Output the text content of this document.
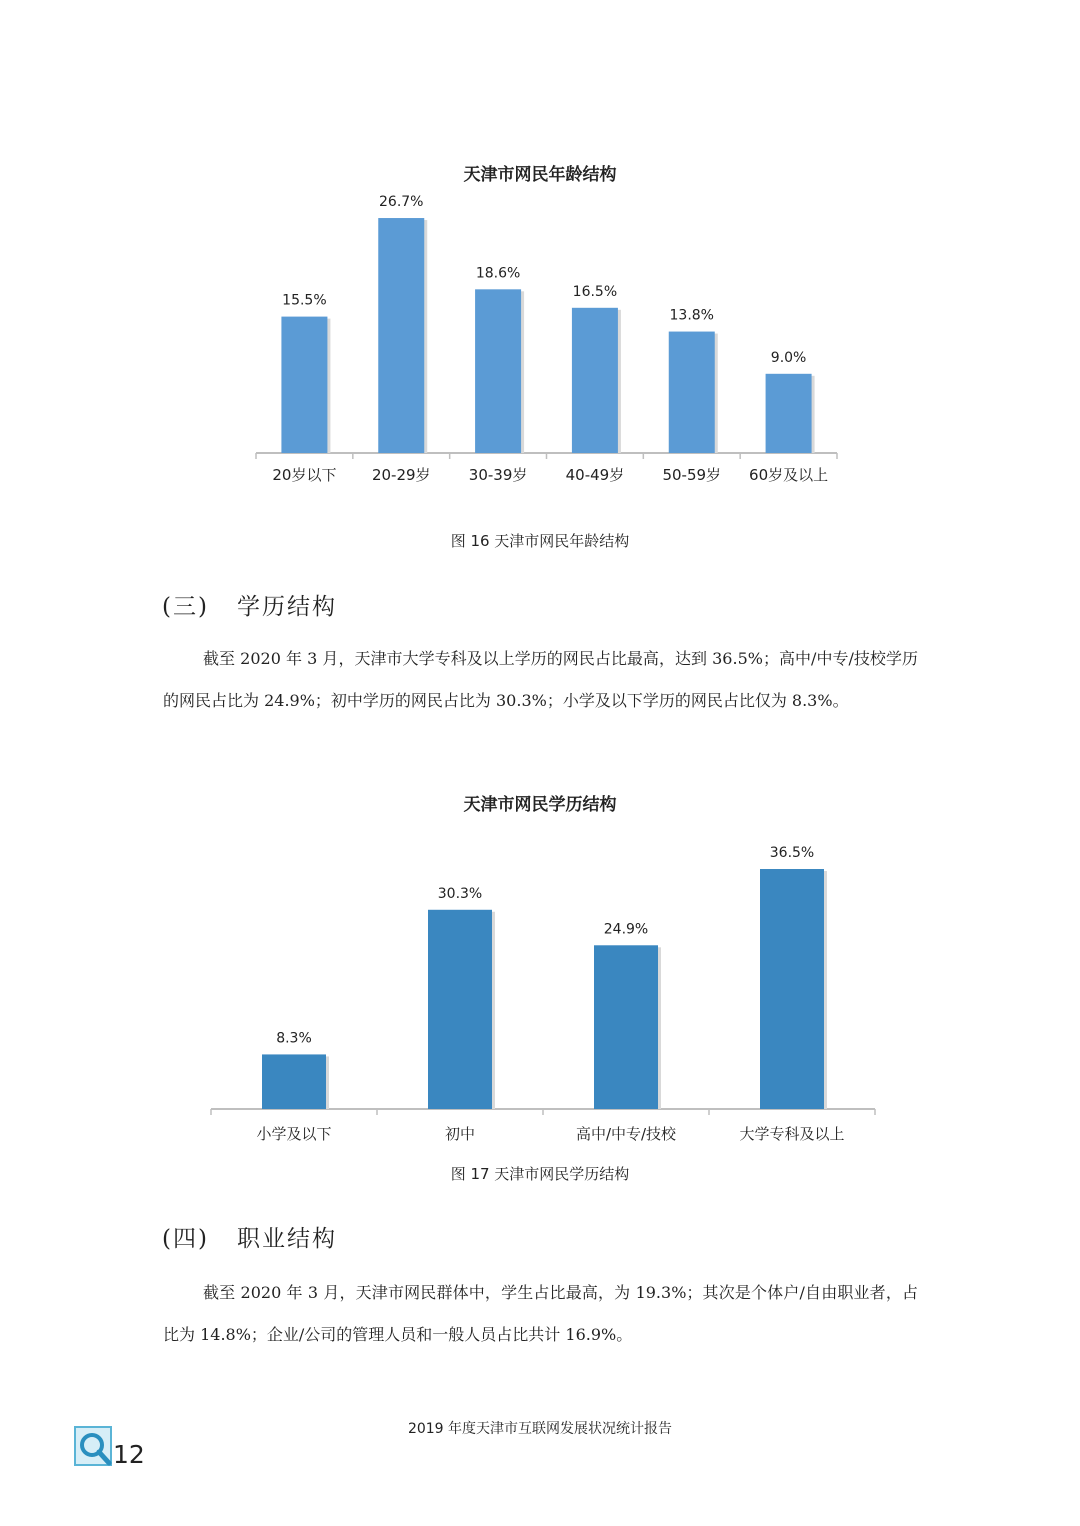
天津市网民年龄结构
15.5%
20岁以下
26.7%
20-29岁
18.6%
30-39岁
16.5%
40-49岁
13.8%
50-59岁
9.0%
60岁及以上
图 16 天津市网民年龄结构
(三) 学历结构
截至 2020 年 3 月，天津市大学专科及以上学历的网民占比最高，达到 36.5%；高中/中专/技校学历的网民占比为 24.9%；初中学历的网民占比为 30.3%；小学及以下学历的网民占比仅为 8.3%。
天津市网民学历结构
8.3%
小学及以下
30.3%
初中
24.9%
高中/中专/技校
36.5%
大学专科及以上
图 17 天津市网民学历结构
(四) 职业结构
截至 2020 年 3 月，天津市网民群体中，学生占比最高，为 19.3%；其次是个体户/自由职业者，占比为 14.8%；企业/公司的管理人员和一般人员占比共计 16.9%。
2019 年度天津市互联网发展状况统计报告
12
